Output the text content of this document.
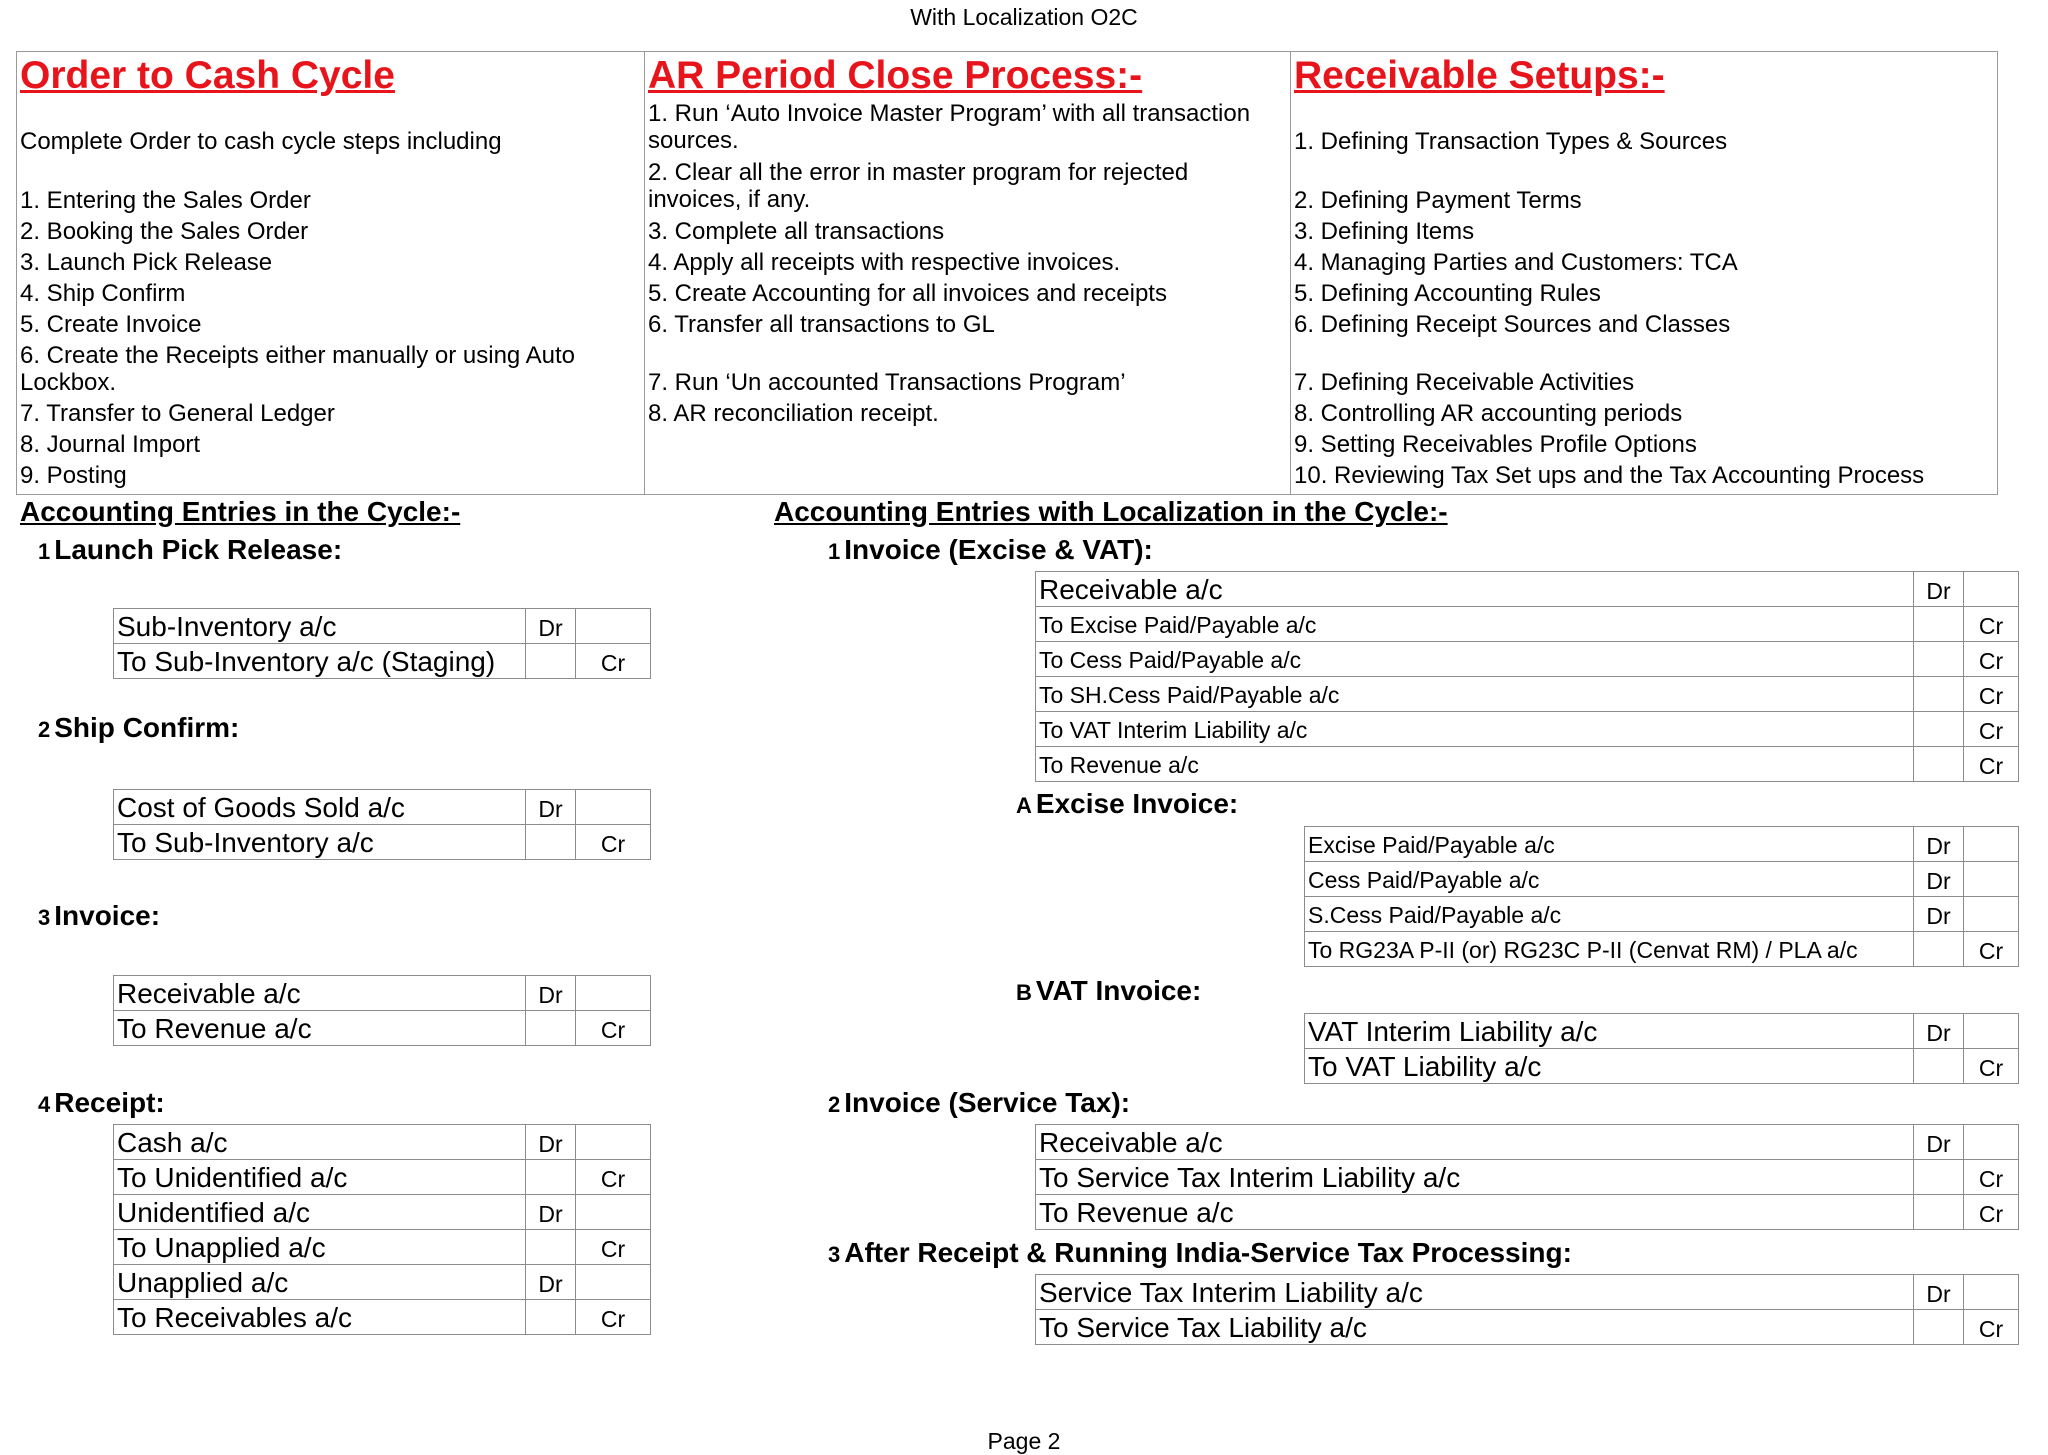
With Localization O2C
Order to Cash Cycle
Complete Order to cash cycle steps including
1. Entering the Sales Order
2. Booking the Sales Order
3. Launch Pick Release
4. Ship Confirm
5. Create Invoice
6. Create the Receipts either manually or using Auto
Lockbox.
7. Transfer to General Ledger
8. Journal Import
9. Posting
AR Period Close Process:-
1. Run ‘Auto Invoice Master Program’ with all transaction
sources.
2. Clear all the error in master program for rejected
invoices, if any.
3. Complete all transactions
4. Apply all receipts with respective invoices.
5. Create Accounting for all invoices and receipts
6. Transfer all transactions to GL
7. Run ‘Un accounted Transactions Program’
8. AR reconciliation receipt.
Receivable Setups:-
1. Defining Transaction Types & Sources
2. Defining Payment Terms
3. Defining Items
4. Managing Parties and Customers: TCA
5. Defining Accounting Rules
6. Defining Receipt Sources and Classes
7. Defining Receivable Activities
8. Controlling AR accounting periods
9. Setting Receivables Profile Options
10. Reviewing Tax Set ups and the Tax Accounting Process
Accounting Entries in the Cycle:-
1 Launch Pick Release:
Sub-Inventory a/c	Dr	
To Sub-Inventory a/c (Staging)		Cr
2 Ship Confirm:
Cost of Goods Sold a/c	Dr	
To Sub-Inventory a/c		Cr
3 Invoice:
Receivable a/c	Dr	
To Revenue a/c		Cr
4 Receipt:
Cash a/c	Dr	
To Unidentified a/c		Cr
Unidentified a/c	Dr	
To Unapplied a/c		Cr
Unapplied a/c	Dr	
To Receivables a/c		Cr
Accounting Entries with Localization in the Cycle:-
1 Invoice (Excise & VAT):
Receivable a/c	Dr	
To Excise Paid/Payable a/c		Cr
To Cess Paid/Payable a/c		Cr
To SH.Cess Paid/Payable a/c		Cr
To VAT Interim Liability a/c		Cr
To Revenue a/c		Cr
A Excise Invoice:
Excise Paid/Payable a/c	Dr	
Cess Paid/Payable a/c	Dr	
S.Cess Paid/Payable a/c	Dr	
To RG23A P-II (or) RG23C P-II (Cenvat RM) / PLA a/c		Cr
B VAT Invoice:
VAT Interim Liability a/c	Dr	
To VAT Liability a/c		Cr
2 Invoice (Service Tax):
Receivable a/c	Dr	
To Service Tax Interim Liability a/c		Cr
To Revenue a/c		Cr
3 After Receipt & Running India-Service Tax Processing:
Service Tax Interim Liability a/c	Dr	
To Service Tax Liability a/c		Cr
Page 2
